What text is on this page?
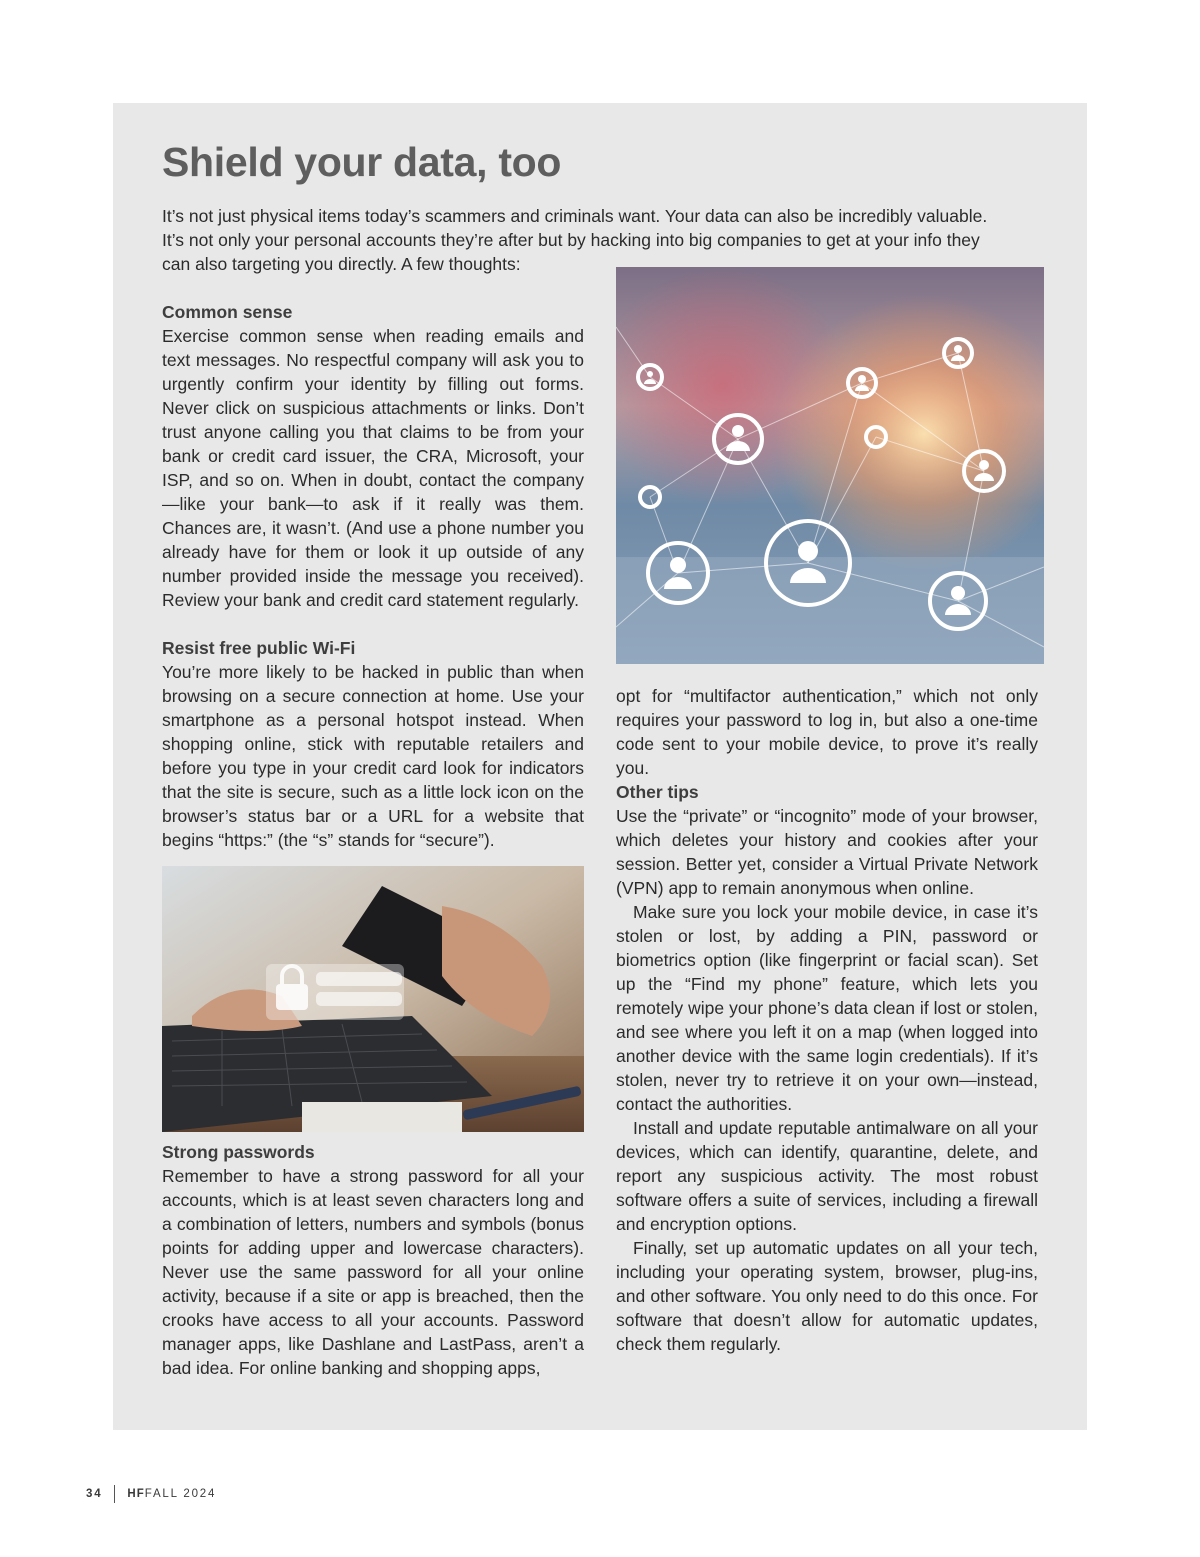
Shield your data, too

It’s not just physical items today’s scammers and criminals want. Your data can also be incredibly valuable.
It’s not only your personal accounts they’re after but by hacking into big companies to get at your info they
can also targeting you directly. A few thoughts:

Common sense

Exercise common sense when reading emails and text messages. No respectful company will ask you to urgently confirm your identity by filling out forms. Never click on suspicious attachments or links. Don’t trust anyone calling you that claims to be from your bank or credit card issuer, the CRA, Microsoft, your ISP, and so on. When in doubt, contact the company—like your bank—to ask if it really was them. Chances are, it wasn’t. (And use a phone number you already have for them or look it up outside of any number provided inside the message you received). Review your bank and credit card statement regularly.

Resist free public Wi-Fi

You’re more likely to be hacked in public than when browsing on a secure connection at home. Use your smartphone as a personal hotspot instead. When shopping online, stick with reputable retailers and before you type in your credit card look for indicators that the site is secure, such as a little lock icon on the browser’s status bar or a URL for a website that begins “https:” (the “s” stands for “secure”).

Strong passwords

Remember to have a strong password for all your accounts, which is at least seven characters long and a combination of letters, numbers and symbols (bonus points for adding upper and lowercase characters). Never use the same password for all your online activity, because if a site or app is breached, then the crooks have access to all your accounts. Password manager apps, like Dashlane and LastPass, aren’t a bad idea. For online banking and shopping apps,

opt for “multifactor authentication,” which not only requires your password to log in, but also a one-time code sent to your mobile device, to prove it’s really you.

Other tips

Use the “private” or “incognito” mode of your browser, which deletes your history and cookies after your session. Better yet, consider a Virtual Private Network (VPN) app to remain anonymous when online.

Make sure you lock your mobile device, in case it’s stolen or lost, by adding a PIN, password or biometrics option (like fingerprint or facial scan). Set up the “Find my phone” feature, which lets you remotely wipe your phone’s data clean if lost or stolen, and see where you left it on a map (when logged into another device with the same login credentials). If it’s stolen, never try to retrieve it on your own—instead, contact the authorities.

Install and update reputable antimalware on all your devices, which can identify, quarantine, delete, and report any suspicious activity. The most robust software offers a suite of services, including a firewall and encryption options.

Finally, set up automatic updates on all your tech, including your operating system, browser, plug-ins, and other software. You only need to do this once. For software that doesn’t allow for automatic updates, check them regularly.

34 HF FALL 2024
